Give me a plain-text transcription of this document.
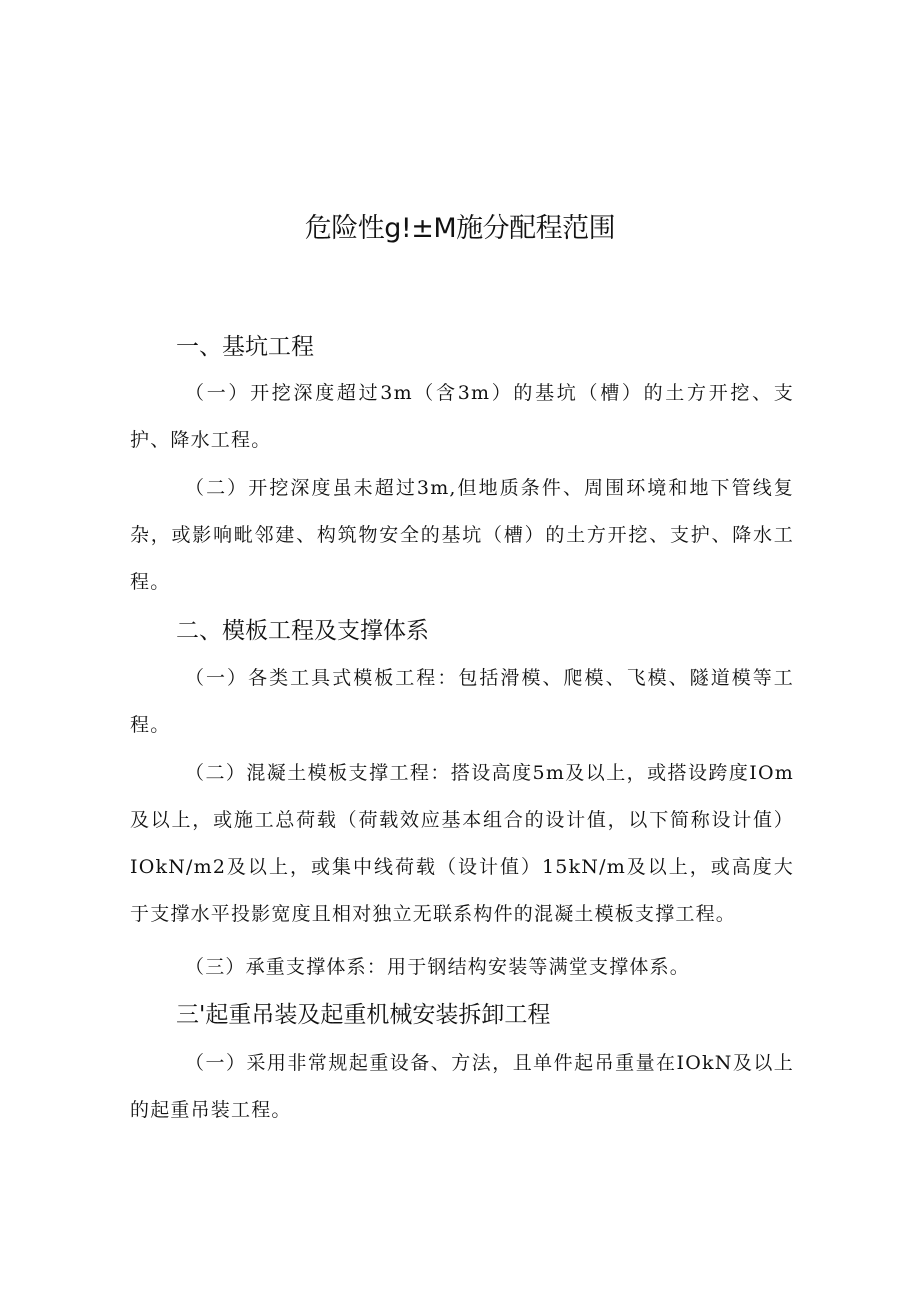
危险性g!±M施分配程范围
一、基坑工程

（一）开挖深度超过3m（含3m）的基坑（槽）的土方开挖、支护、降水工程。

（二）开挖深度虽未超过3m,但地质条件、周围环境和地下管线复杂，或影响毗邻建、构筑物安全的基坑（槽）的土方开挖、支护、降水工程。

二、模板工程及支撑体系

（一）各类工具式模板工程：包括滑模、爬模、飞模、隧道模等工程。

（二）混凝土模板支撑工程：搭设高度5m及以上，或搭设跨度IOm及以上，或施工总荷载（荷载效应基本组合的设计值，以下简称设计值）IOkN/m2及以上，或集中线荷载（设计值）15kN∕m及以上，或高度大于支撑水平投影宽度且相对独立无联系构件的混凝土模板支撑工程。

（三）承重支撑体系：用于钢结构安装等满堂支撑体系。

三'起重吊装及起重机械安装拆卸工程

（一）采用非常规起重设备、方法，且单件起吊重量在IOkN及以上的起重吊装工程。
